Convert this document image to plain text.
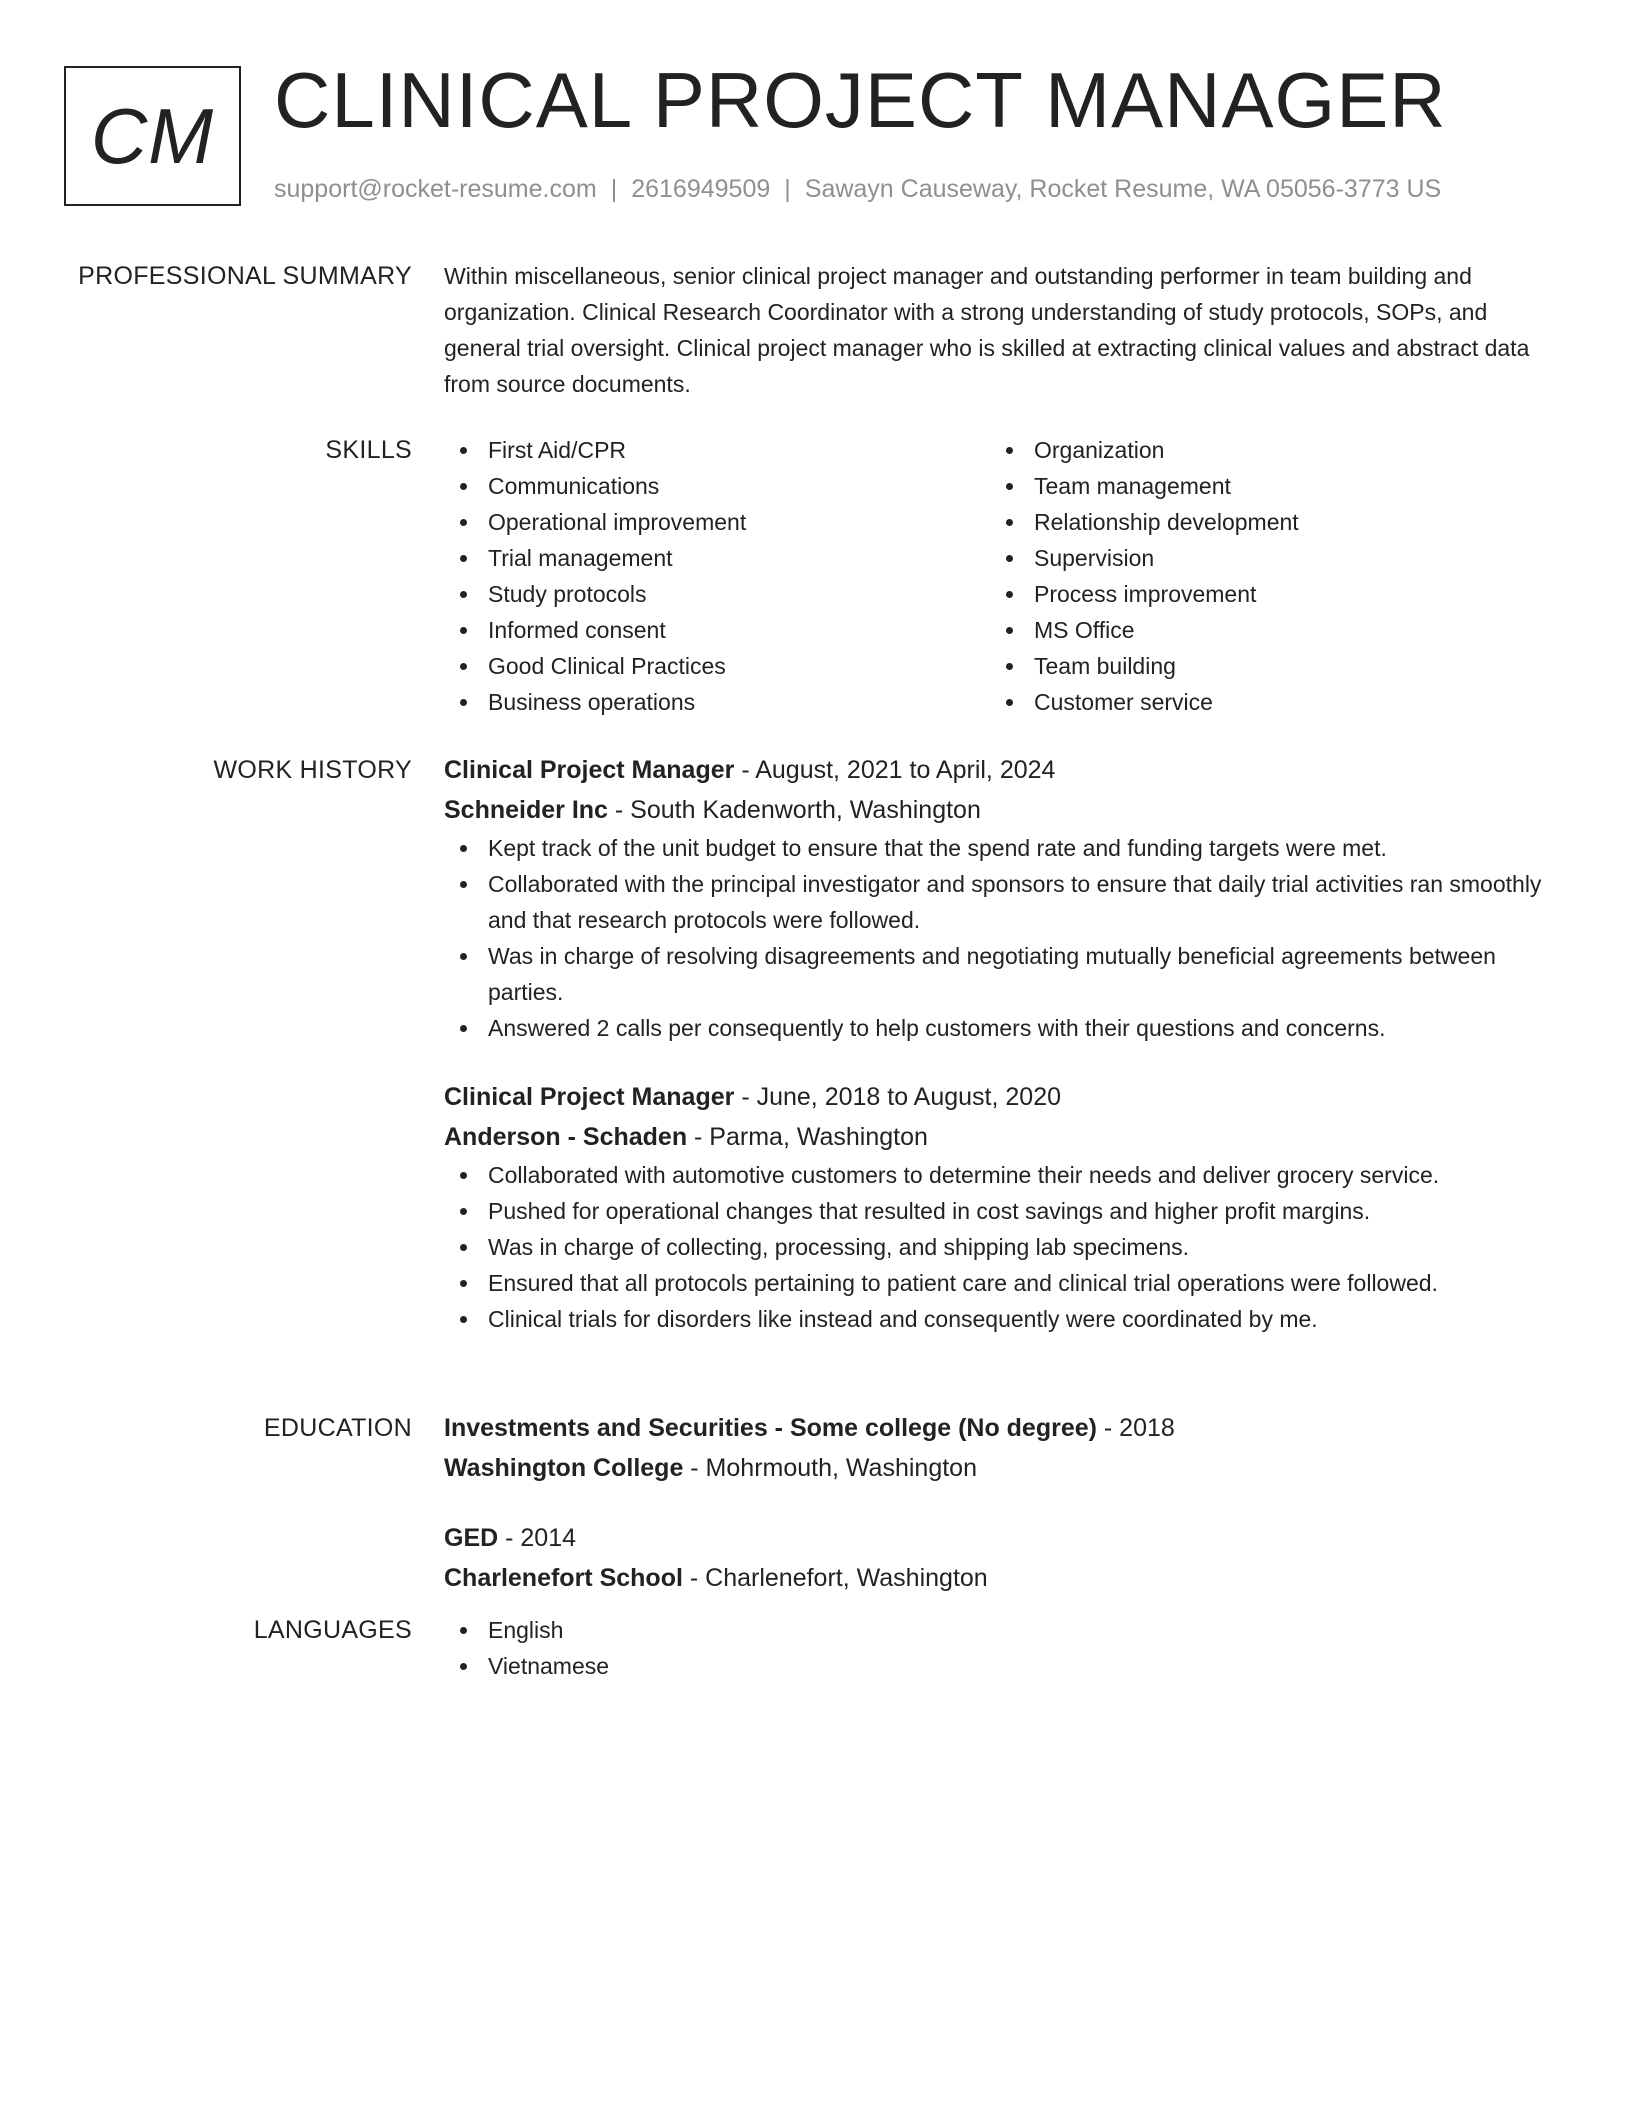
CM CLINICAL PROJECT MANAGER
support@rocket-resume.com | 2616949509 | Sawayn Causeway, Rocket Resume, WA 05056-3773 US
PROFESSIONAL SUMMARY Within miscellaneous, senior clinical project manager and outstanding performer in team building and organization. Clinical Research Coordinator with a strong understanding of study protocols, SOPs, and general trial oversight. Clinical project manager who is skilled at extracting clinical values and abstract data from source documents.
SKILLS	First Aid/CPR
Communications
Operational improvement
Trial management
Study protocols
Informed consent
Good Clinical Practices
Business operations
Organization
Team management
Relationship development
Supervision
Process improvement
MS Office
Team building
Customer service
WORK HISTORY Clinical Project Manager - August, 2021 to April, 2024
Schneider Inc - South Kadenworth, Washington
Kept track of the unit budget to ensure that the spend rate and funding targets were met.
Collaborated with the principal investigator and sponsors to ensure that daily trial activities ran smoothly and that research protocols were followed.
Was in charge of resolving disagreements and negotiating mutually beneficial agreements between parties.
Answered 2 calls per consequently to help customers with their questions and concerns.
Clinical Project Manager - June, 2018 to August, 2020
Anderson - Schaden - Parma, Washington
Collaborated with automotive customers to determine their needs and deliver grocery service.
Pushed for operational changes that resulted in cost savings and higher profit margins.
Was in charge of collecting, processing, and shipping lab specimens.
Ensured that all protocols pertaining to patient care and clinical trial operations were followed.
Clinical trials for disorders like instead and consequently were coordinated by me.
EDUCATION Investments and Securities - Some college (No degree) - 2018
Washington College - Mohrmouth, Washington
GED - 2014
Charlenefort School - Charlenefort, Washington
LANGUAGES	English
Vietnamese
